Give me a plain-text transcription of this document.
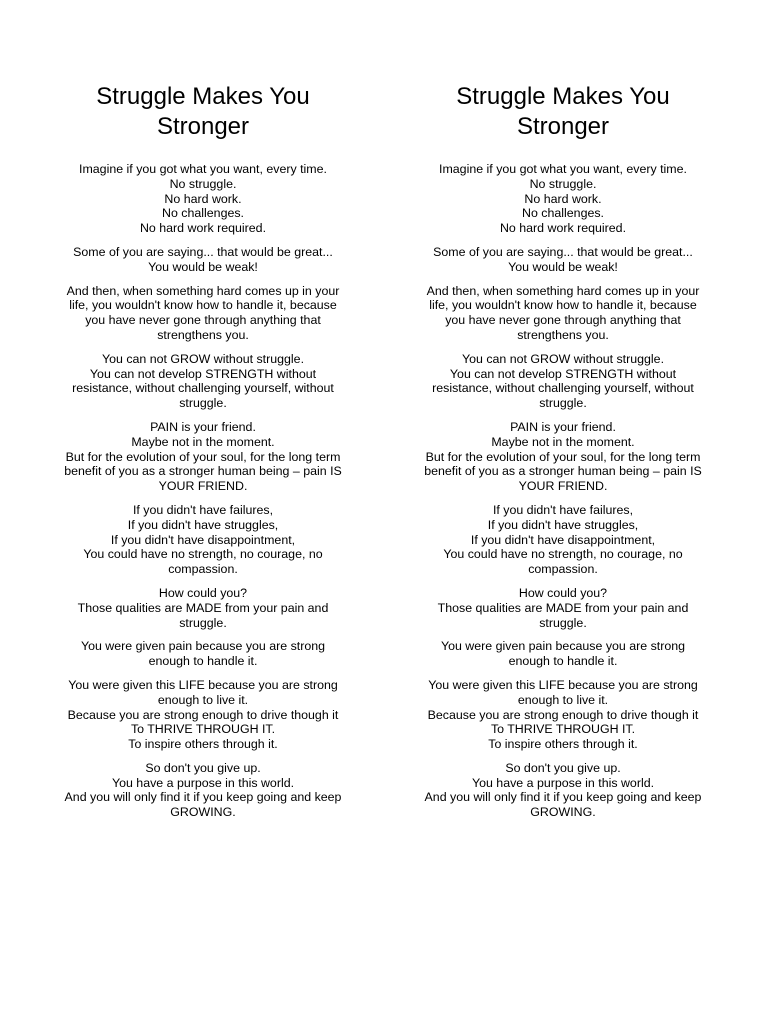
Struggle Makes You
Stronger

Imagine if you got what you want, every time.
No struggle.
No hard work.
No challenges.
No hard work required.

Some of you are saying... that would be great...
You would be weak!

And then, when something hard comes up in your
life, you wouldn't know how to handle it, because
you have never gone through anything that
strengthens you.

You can not GROW without struggle.
You can not develop STRENGTH without
resistance, without challenging yourself, without
struggle.

PAIN is your friend.
Maybe not in the moment.
But for the evolution of your soul, for the long term
benefit of you as a stronger human being – pain IS
YOUR FRIEND.

If you didn't have failures,
If you didn't have struggles,
If you didn't have disappointment,
You could have no strength, no courage, no
compassion.

How could you?
Those qualities are MADE from your pain and
struggle.

You were given pain because you are strong
enough to handle it.

You were given this LIFE because you are strong
enough to live it.
Because you are strong enough to drive though it
To THRIVE THROUGH IT.
To inspire others through it.

So don't you give up.
You have a purpose in this world.
And you will only find it if you keep going and keep
GROWING.

Struggle Makes You
Stronger

Imagine if you got what you want, every time.
No struggle.
No hard work.
No challenges.
No hard work required.

Some of you are saying... that would be great...
You would be weak!

And then, when something hard comes up in your
life, you wouldn't know how to handle it, because
you have never gone through anything that
strengthens you.

You can not GROW without struggle.
You can not develop STRENGTH without
resistance, without challenging yourself, without
struggle.

PAIN is your friend.
Maybe not in the moment.
But for the evolution of your soul, for the long term
benefit of you as a stronger human being – pain IS
YOUR FRIEND.

If you didn't have failures,
If you didn't have struggles,
If you didn't have disappointment,
You could have no strength, no courage, no
compassion.

How could you?
Those qualities are MADE from your pain and
struggle.

You were given pain because you are strong
enough to handle it.

You were given this LIFE because you are strong
enough to live it.
Because you are strong enough to drive though it
To THRIVE THROUGH IT.
To inspire others through it.

So don't you give up.
You have a purpose in this world.
And you will only find it if you keep going and keep
GROWING.
